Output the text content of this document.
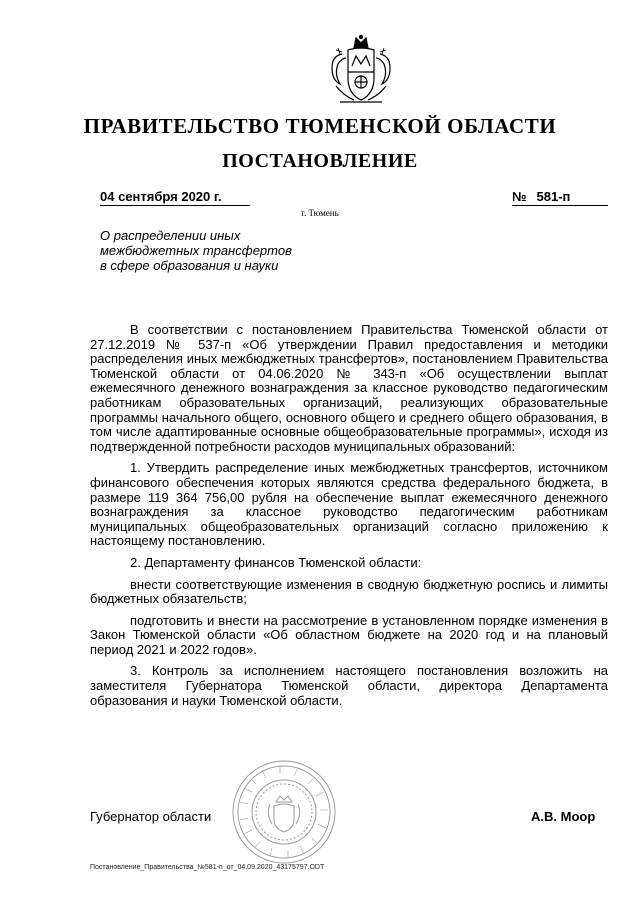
ПРАВИТЕЛЬСТВО ТЮМЕНСКОЙ ОБЛАСТИ
ПОСТАНОВЛЕНИЕ
04 сентября 2020 г.	№ 581-п
г. Тюмень
О распределении иных
межбюджетных трансфертов
в сфере образования и науки

В соответствии с постановлением Правительства Тюменской области от 27.12.2019 № 537-п «Об утверждении Правил предоставления и методики распределения иных межбюджетных трансфертов», постановлением Правительства Тюменской области от 04.06.2020 № 343-п «Об осуществлении выплат ежемесячного денежного вознаграждения за классное руководство педагогическим работникам образовательных организаций, реализующих образовательные программы начального общего, основного общего и среднего общего образования, в том числе адаптированные основные общеобразовательные программы», исходя из подтвержденной потребности расходов муниципальных образований:

1. Утвердить распределение иных межбюджетных трансфертов, источником финансового обеспечения которых являются средства федерального бюджета, в размере 119 364 756,00 рубля на обеспечение выплат ежемесячного денежного вознаграждения за классное руководство педагогическим работникам муниципальных общеобразовательных организаций согласно приложению к настоящему постановлению.

2. Департаменту финансов Тюменской области:

внести соответствующие изменения в сводную бюджетную роспись и лимиты бюджетных обязательств;

подготовить и внести на рассмотрение в установленном порядке изменения в Закон Тюменской области «Об областном бюджете на 2020 год и на плановый период 2021 и 2022 годов».

3. Контроль за исполнением настоящего постановления возложить на заместителя Губернатора Тюменской области, директора Департамента образования и науки Тюменской области.

Губернатор области	А.В. Моор
Постановление_Правительства_№581-п_от_04.09.2020_43175797.ODT
